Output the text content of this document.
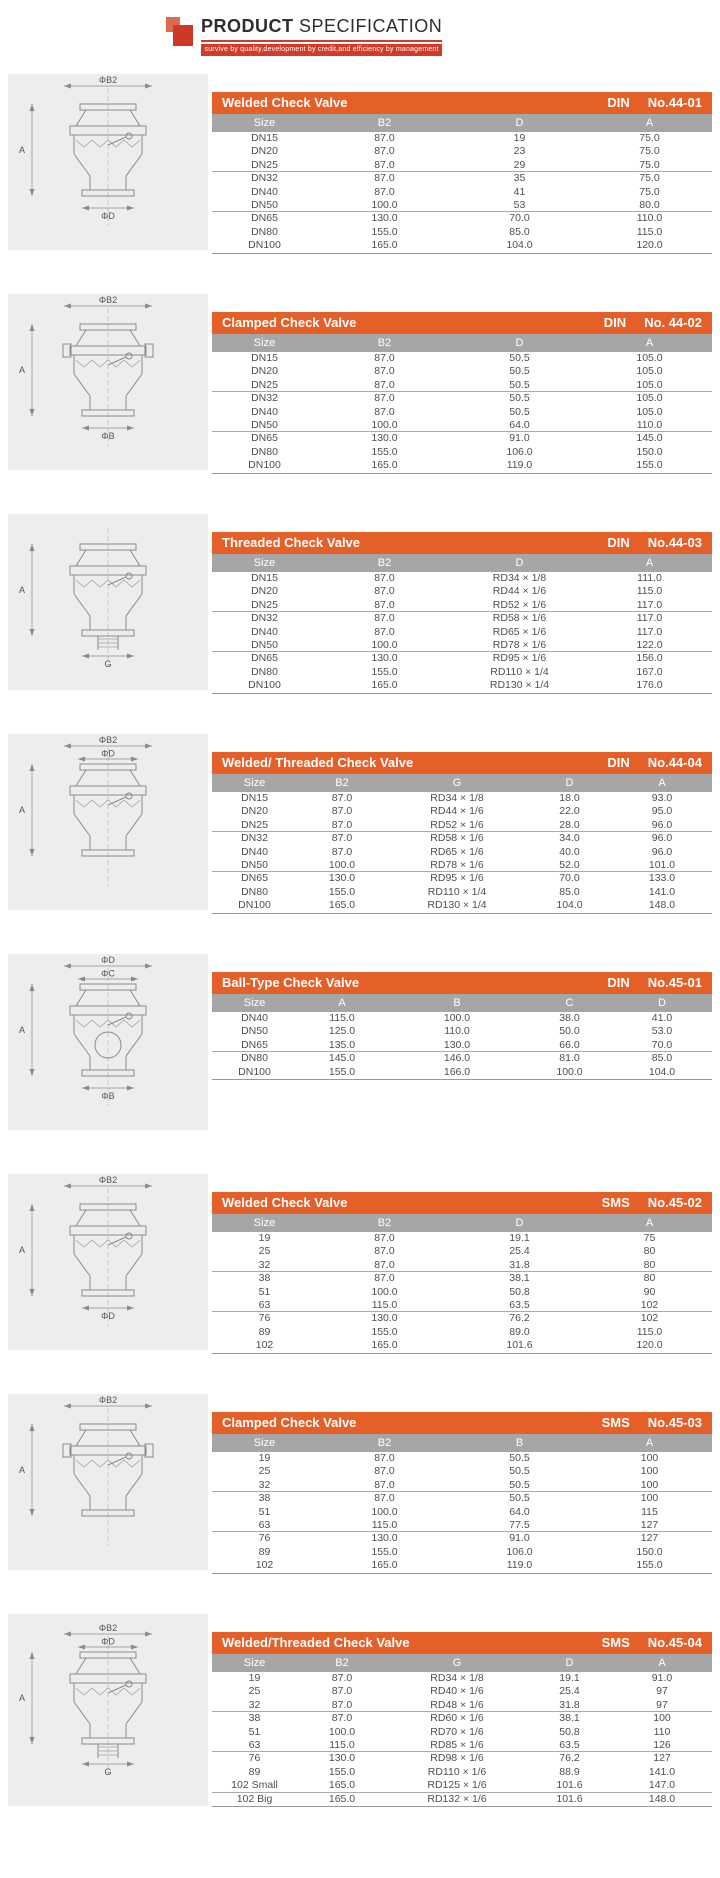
PRODUCT SPECIFICATION
survive by quality,development by credit,and efficiency by management
ΦB2
A
ΦD
Welded Check Valve	DIN No.44-01
Size	B2	D	A
DN15	87.0	19	75.0
DN20	87.0	23	75.0
DN25	87.0	29	75.0
DN32	87.0	35	75.0
DN40	87.0	41	75.0
DN50	100.0	53	80.0
DN65	130.0	70.0	110.0
DN80	155.0	85.0	115.0
DN100	165.0	104.0	120.0
ΦB2
A
ΦB
Clamped Check Valve	DIN No. 44-02
Size	B2	D	A
DN15	87.0	50.5	105.0
DN20	87.0	50.5	105.0
DN25	87.0	50.5	105.0
DN32	87.0	50.5	105.0
DN40	87.0	50.5	105.0
DN50	100.0	64.0	110.0
DN65	130.0	91.0	145.0
DN80	155.0	106.0	150.0
DN100	165.0	119.0	155.0
A
G
Threaded Check Valve	DIN No.44-03
Size	B2	D	A
DN15	87.0	RD34 × 1/8	111.0
DN20	87.0	RD44 × 1/6	115.0
DN25	87.0	RD52 × 1/6	117.0
DN32	87.0	RD58 × 1/6	117.0
DN40	87.0	RD65 × 1/6	117.0
DN50	100.0	RD78 × 1/6	122.0
DN65	130.0	RD95 × 1/6	156.0
DN80	155.0	RD110 × 1/4	167.0
DN100	165.0	RD130 × 1/4	176.0
ΦB2
ΦD
A
Welded/ Threaded Check Valve	DIN No.44-04
Size	B2	G	D	A
DN15	87.0	RD34 × 1/8	18.0	93.0
DN20	87.0	RD44 × 1/6	22.0	95.0
DN25	87.0	RD52 × 1/6	28.0	96.0
DN32	87.0	RD58 × 1/6	34.0	96.0
DN40	87.0	RD65 × 1/6	40.0	96.0
DN50	100.0	RD78 × 1/6	52.0	101.0
DN65	130.0	RD95 × 1/6	70.0	133.0
DN80	155.0	RD110 × 1/4	85.0	141.0
DN100	165.0	RD130 × 1/4	104.0	148.0
ΦD
ΦC
A
ΦB
Ball-Type Check Valve	DIN No.45-01
Size	A	B	C	D
DN40	115.0	100.0	38.0	41.0
DN50	125.0	110.0	50.0	53.0
DN65	135.0	130.0	66.0	70.0
DN80	145.0	146.0	81.0	85.0
DN100	155.0	166.0	100.0	104.0
ΦB2
A
ΦD
Welded Check Valve	SMS No.45-02
Size	B2	D	A
19	87.0	19.1	75
25	87.0	25.4	80
32	87.0	31.8	80
38	87.0	38.1	80
51	100.0	50.8	90
63	115.0	63.5	102
76	130.0	76.2	102
89	155.0	89.0	115.0
102	165.0	101.6	120.0
ΦB2
A
Clamped Check Valve	SMS No.45-03
Size	B2	B	A
19	87.0	50.5	100
25	87.0	50.5	100
32	87.0	50.5	100
38	87.0	50.5	100
51	100.0	64.0	115
63	115.0	77.5	127
76	130.0	91.0	127
89	155.0	106.0	150.0
102	165.0	119.0	155.0
ΦB2
ΦD
A
G
Welded/Threaded Check Valve	SMS No.45-04
Size	B2	G	D	A
19	87.0	RD34 × 1/8	19.1	91.0
25	87.0	RD40 × 1/6	25.4	97
32	87.0	RD48 × 1/6	31.8	97
38	87.0	RD60 × 1/6	38.1	100
51	100.0	RD70 × 1/6	50.8	110
63	115.0	RD85 × 1/6	63.5	126
76	130.0	RD98 × 1/6	76.2	127
89	155.0	RD110 × 1/6	88.9	141.0
102 Small	165.0	RD125 × 1/6	101.6	147.0
102 Big	165.0	RD132 × 1/6	101.6	148.0
